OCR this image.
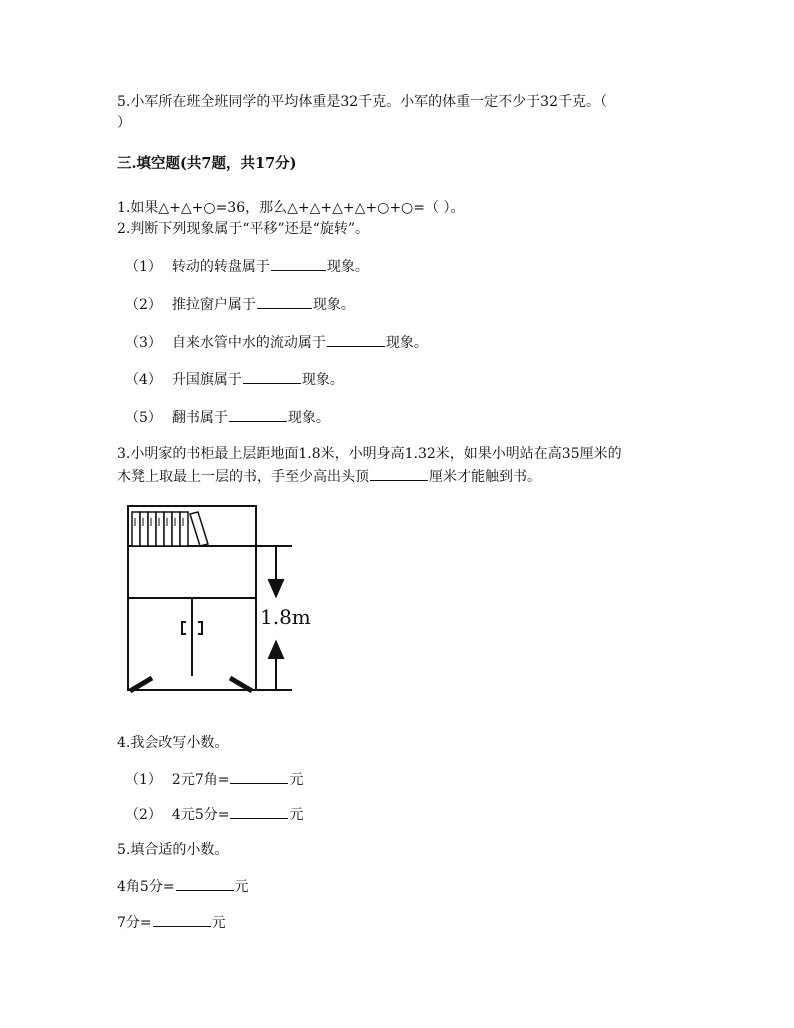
5.小军所在班全班同学的平均体重是32千克。小军的体重一定不少于32千克。（
）
三.填空题(共7题，共17分)
1.如果△+△+○=36，那么△+△+△+△+○+○=（ ）。
2.判断下列现象属于“平移”还是“旋转”。
（1） 转动的转盘属于	现象。
（2） 推拉窗户属于	现象。
（3） 自来水管中水的流动属于	现象。
（4） 升国旗属于	现象。
（5） 翻书属于	现象。
3.小明家的书柜最上层距地面1.8米，小明身高1.32米，如果小明站在高35厘米的
木凳上取最上一层的书，手至少高出头顶	厘米才能触到书。
1.8m
4.我会改写小数。
（1） 2元7角=	元
（2） 4元5分=	元
5.填合适的小数。
4角5分=	元
7分=	元
